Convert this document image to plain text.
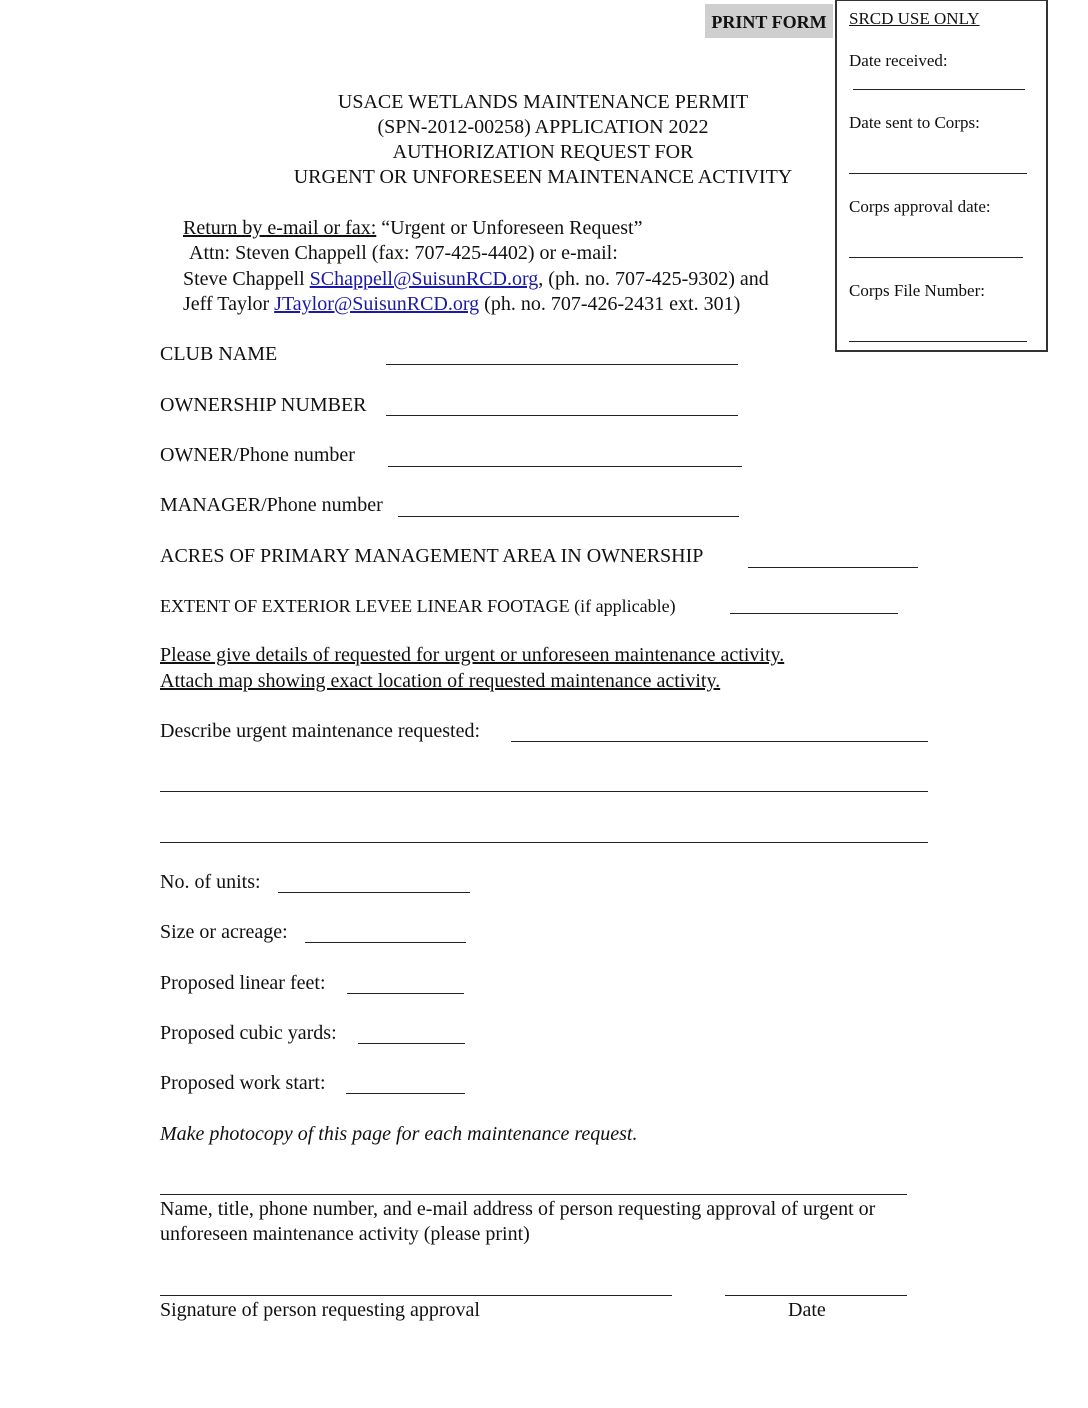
PRINT FORM	SRCD USE ONLY
Date received:
Date sent to Corps:
Corps approval date:
Corps File Number:
USACE WETLANDS MAINTENANCE PERMIT
(SPN-2012-00258) APPLICATION 2022
AUTHORIZATION REQUEST FOR
URGENT OR UNFORESEEN MAINTENANCE ACTIVITY
Return by e-mail or fax: “Urgent or Unforeseen Request”
Attn: Steven Chappell (fax: 707-425-4402) or e-mail:
Steve Chappell SChappell@SuisunRCD.org, (ph. no. 707-425-9302) and
Jeff Taylor JTaylor@SuisunRCD.org (ph. no. 707-426-2431 ext. 301)
CLUB NAME
OWNERSHIP NUMBER
OWNER/Phone number
MANAGER/Phone number
ACRES OF PRIMARY MANAGEMENT AREA IN OWNERSHIP
EXTENT OF EXTERIOR LEVEE LINEAR FOOTAGE (if applicable)
Please give details of requested for urgent or unforeseen maintenance activity.
Attach map showing exact location of requested maintenance activity.
Describe urgent maintenance requested:
No. of units:
Size or acreage:
Proposed linear feet:
Proposed cubic yards:
Proposed work start:
Make photocopy of this page for each maintenance request.
Name, title, phone number, and e-mail address of person requesting approval of urgent or
unforeseen maintenance activity (please print)
Signature of person requesting approval	Date
